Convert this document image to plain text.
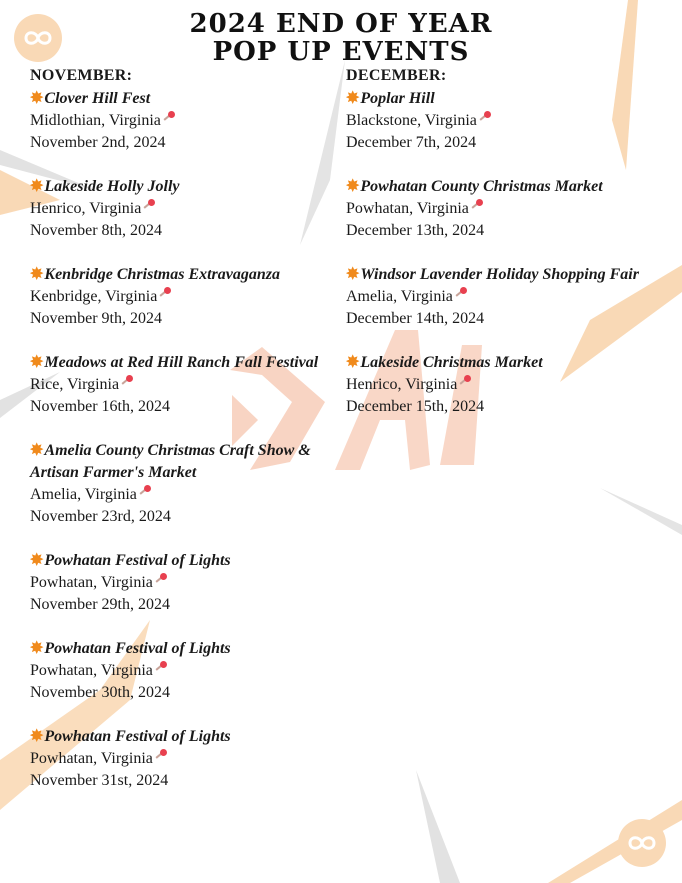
2024 END OF YEAR
POP UP EVENTS
NOVEMBER:
✸Clover Hill Fest
Midlothian, Virginia
November 2nd, 2024
✸Lakeside Holly Jolly
Henrico, Virginia
November 8th, 2024
✸Kenbridge Christmas Extravaganza
Kenbridge, Virginia
November 9th, 2024
✸Meadows at Red Hill Ranch Fall Festival
Rice, Virginia
November 16th, 2024
✸Amelia County Christmas Craft Show & Artisan Farmer's Market
Amelia, Virginia
November 23rd, 2024
✸Powhatan Festival of Lights
Powhatan, Virginia
November 29th, 2024
✸Powhatan Festival of Lights
Powhatan, Virginia
November 30th, 2024
✸Powhatan Festival of Lights
Powhatan, Virginia
November 31st, 2024
DECEMBER:
✸Poplar Hill
Blackstone, Virginia
December 7th, 2024
✸Powhatan County Christmas Market
Powhatan, Virginia
December 13th, 2024
✸Windsor Lavender Holiday Shopping Fair
Amelia, Virginia
December 14th, 2024
✸Lakeside Christmas Market
Henrico, Virginia
December 15th, 2024
